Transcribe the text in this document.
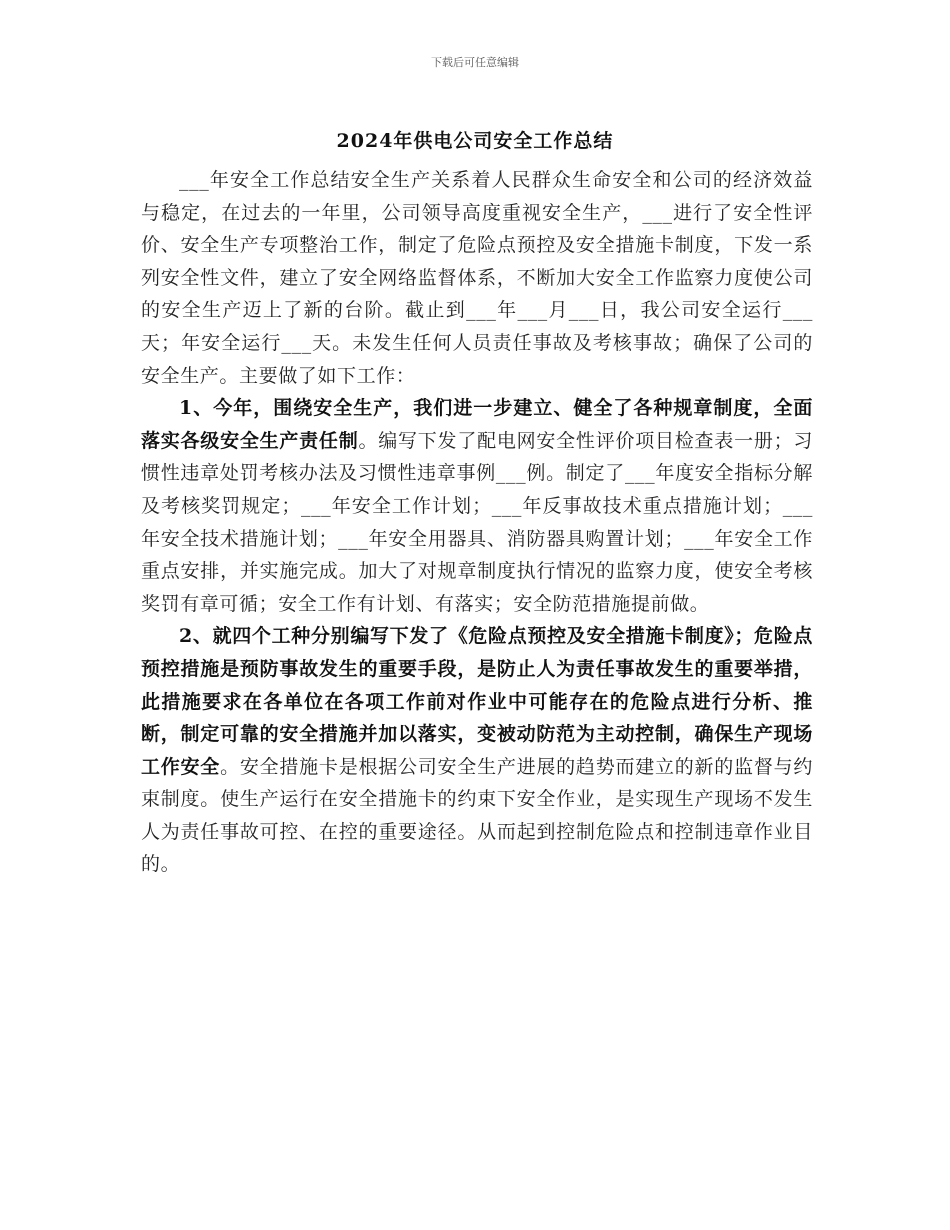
下载后可任意编辑
2024年供电公司安全工作总结

___年安全工作总结安全生产关系着人民群众生命安全和公司的经济效益与稳定，在过去的一年里，公司领导高度重视安全生产，___进行了安全性评价、安全生产专项整治工作，制定了危险点预控及安全措施卡制度，下发一系列安全性文件，建立了安全网络监督体系，不断加大安全工作监察力度使公司的安全生产迈上了新的台阶。截止到___年___月___日，我公司安全运行___天；年安全运行___天。未发生任何人员责任事故及考核事故；确保了公司的安全生产。主要做了如下工作：

1、今年，围绕安全生产，我们进一步建立、健全了各种规章制度，全面落实各级安全生产责任制。编写下发了配电网安全性评价项目检查表一册；习惯性违章处罚考核办法及习惯性违章事例___例。制定了___年度安全指标分解及考核奖罚规定；___年安全工作计划；___年反事故技术重点措施计划；___年安全技术措施计划；___年安全用器具、消防器具购置计划；___年安全工作重点安排，并实施完成。加大了对规章制度执行情况的监察力度，使安全考核奖罚有章可循；安全工作有计划、有落实；安全防范措施提前做。

2、就四个工种分别编写下发了《危险点预控及安全措施卡制度》；危险点预控措施是预防事故发生的重要手段，是防止人为责任事故发生的重要举措，此措施要求在各单位在各项工作前对作业中可能存在的危险点进行分析、推断，制定可靠的安全措施并加以落实，变被动防范为主动控制，确保生产现场工作安全。安全措施卡是根据公司安全生产进展的趋势而建立的新的监督与约束制度。使生产运行在安全措施卡的约束下安全作业，是实现生产现场不发生人为责任事故可控、在控的重要途径。从而起到控制危险点和控制违章作业目的。
